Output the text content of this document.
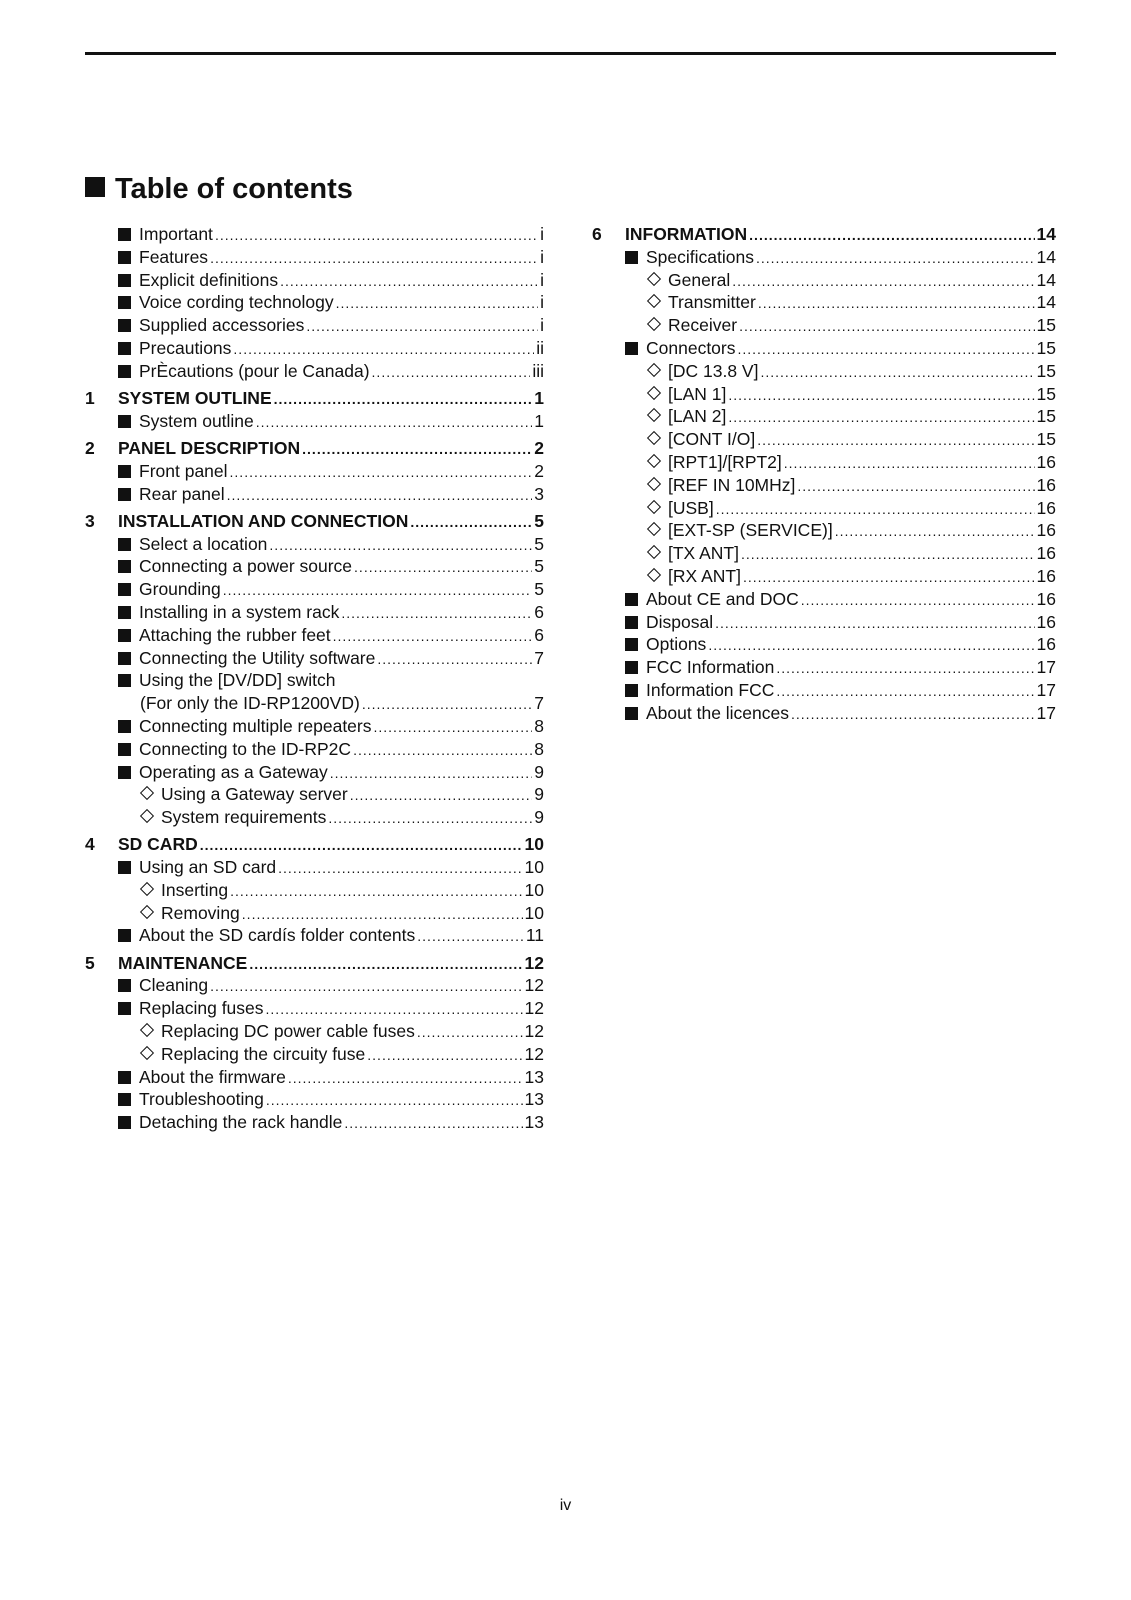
Table of contents
Important .....	i
Features .....	i
Explicit definitions .....	i
Voice cording technology .....	i
Supplied accessories .....	i
Precautions .....	ii
PrÈcautions (pour le Canada) .....	iii
1 SYSTEM OUTLINE .....	1
System outline .....	1
2 PANEL DESCRIPTION .....	2
Front panel .....	2
Rear panel .....	3
3 INSTALLATION AND CONNECTION .....	5
Select a location .....	5
Connecting a power source .....	5
Grounding .....	5
Installing in a system rack .....	6
Attaching the rubber feet .....	6
Connecting the Utility software .....	7
Using the [DV/DD] switch
(For only the ID-RP1200VD) .....	7
Connecting multiple repeaters .....	8
Connecting to the ID-RP2C .....	8
Operating as a Gateway .....	9
Using a Gateway server .....	9
System requirements .....	9
4 SD CARD .....	10
Using an SD card .....	10
Inserting .....	10
Removing .....	10
About the SD cardís folder contents .....	11
5 MAINTENANCE .....	12
Cleaning .....	12
Replacing fuses .....	12
Replacing DC power cable fuses .....	12
Replacing the circuity fuse .....	12
About the firmware .....	13
Troubleshooting .....	13
Detaching the rack handle .....	13
6 INFORMATION .....	14
Specifications .....	14
General .....	14
Transmitter .....	14
Receiver .....	15
Connectors .....	15
[DC 13.8 V] .....	15
[LAN 1] .....	15
[LAN 2] .....	15
[CONT I/O] .....	15
[RPT1]/[RPT2] .....	16
[REF IN 10MHz] .....	16
[USB] .....	16
[EXT-SP (SERVICE)] .....	16
[TX ANT] .....	16
[RX ANT] .....	16
About CE and DOC .....	16
Disposal .....	16
Options .....	16
FCC Information .....	17
Information FCC .....	17
About the licences .....	17
iv
